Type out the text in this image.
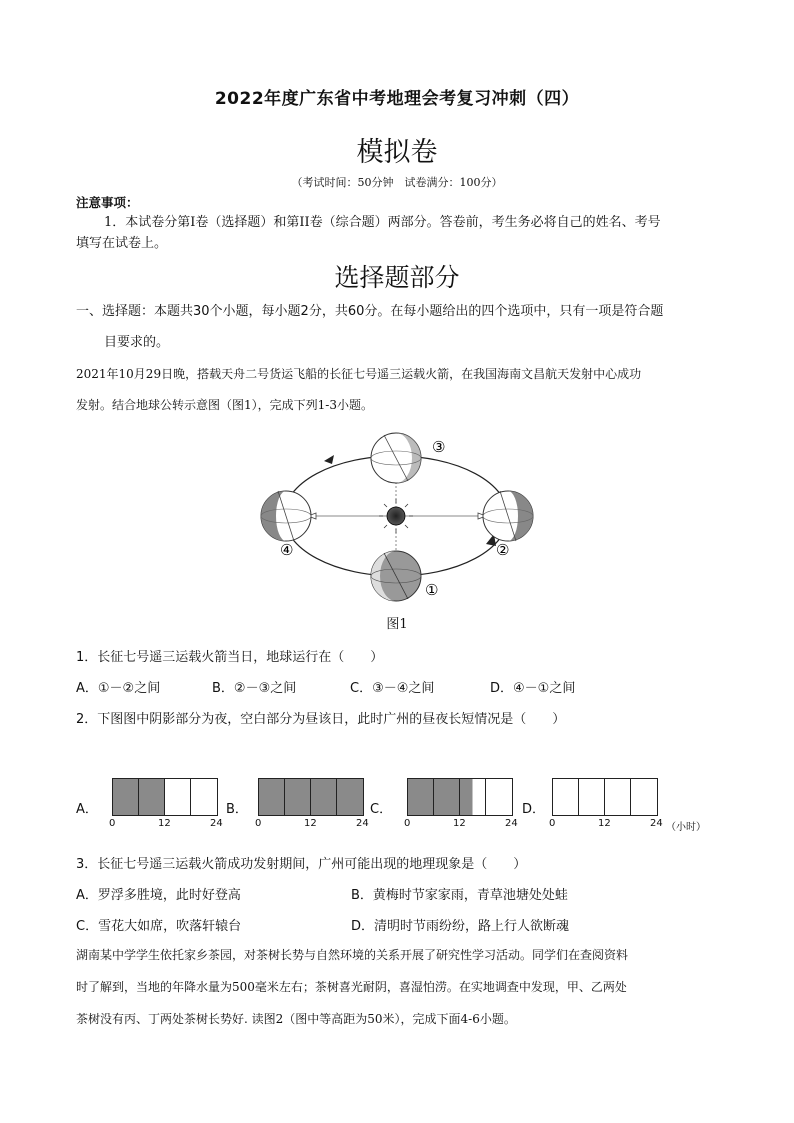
2022年度广东省中考地理会考复习冲刺（四）
模拟卷
（考试时间：50分钟　试卷满分：100分）
注意事项：
1．本试卷分第Ⅰ卷（选择题）和第II卷（综合题）两部分。答卷前，考生务必将自己的姓名、考号
填写在试卷上。
选择题部分
一、选择题：本题共30个小题，每小题2分，共60分。在每小题给出的四个选项中，只有一项是符合题
目要求的。
2021年10月29日晚，搭载天舟二号货运飞船的长征七号遥三运载火箭，在我国海南文昌航天发射中心成功
发射。结合地球公转示意图（图1），完成下列1-3小题。
③
④	②
①
图1
1．长征七号遥三运载火箭当日，地球运行在（　　）
A．①－②之间	B．②－③之间	C．③－④之间	D．④－①之间
2．下图图中阴影部分为夜，空白部分为昼该日，此时广州的昼夜长短情况是（　　）
A．
0	12	24
B．
0	12	24
C．
0	12	24
D．
0	12	24 （小时）
3．长征七号遥三运载火箭成功发射期间，广州可能出现的地理现象是（　　）
A．罗浮多胜境，此时好登高	B．黄梅时节家家雨，青草池塘处处蛙
C．雪花大如席，吹落轩辕台	D．清明时节雨纷纷，路上行人欲断魂
湖南某中学学生依托家乡茶园，对茶树长势与自然环境的关系开展了研究性学习活动。同学们在查阅资料
时了解到，当地的年降水量为500毫米左右；茶树喜光耐阴，喜湿怕涝。在实地调查中发现，甲、乙两处
茶树没有丙、丁两处茶树长势好. 读图2（图中等高距为50米），完成下面4-6小题。
